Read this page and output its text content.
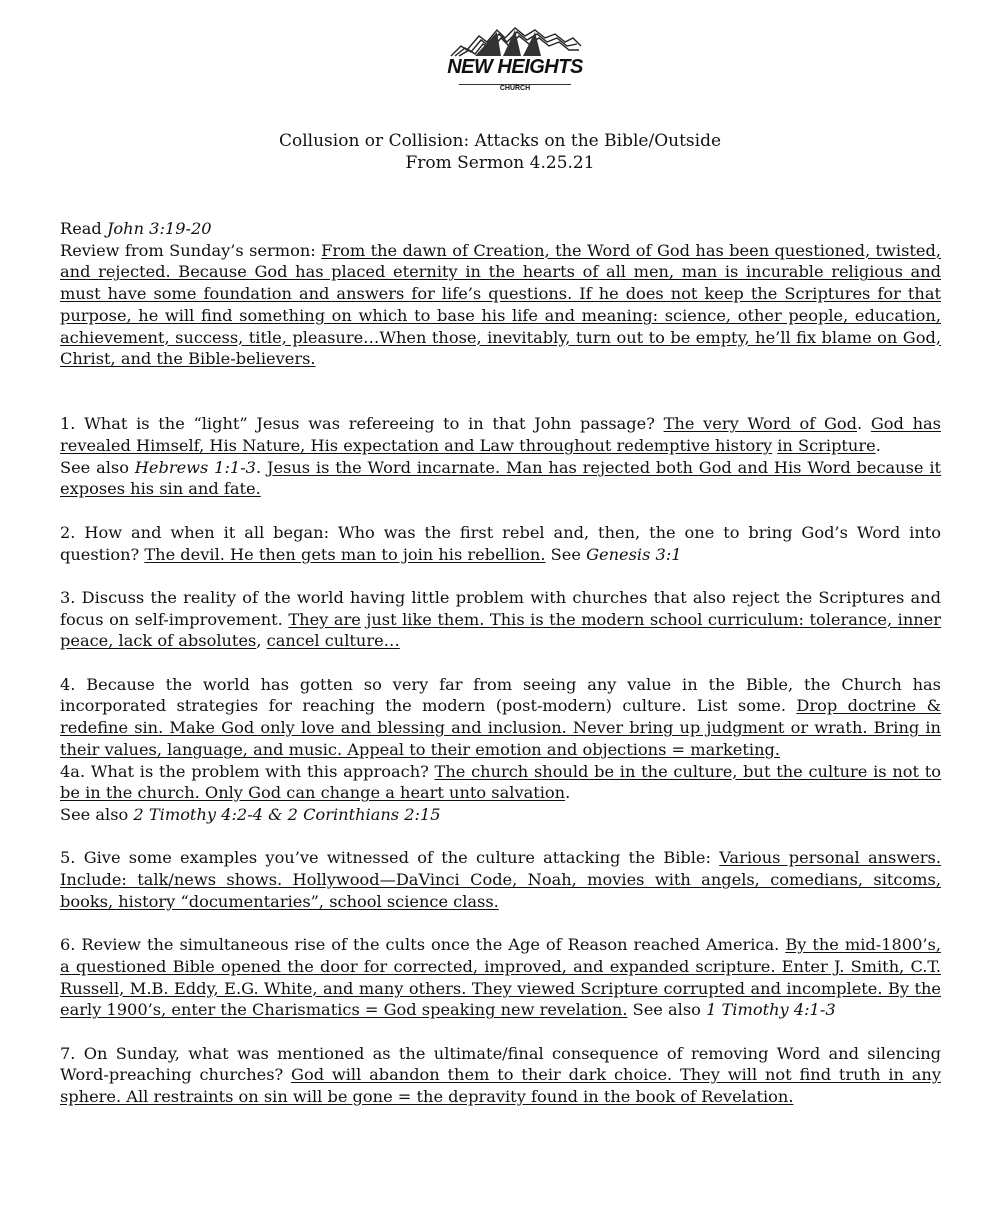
NEW HEIGHTS
CHURCH
Collusion or Collision: Attacks on the Bible/Outside
From Sermon 4.25.21

Read John 3:19-20

Review from Sunday’s sermon: From the dawn of Creation, the Word of God has been questioned, twisted, and rejected. Because God has placed eternity in the hearts of all men, man is incurable religious and must have some foundation and answers for life’s questions. If he does not keep the Scriptures for that purpose, he will find something on which to base his life and meaning: science, other people, education, achievement, success, title, pleasure…When those, inevitably, turn out to be empty, he’ll fix blame on God, Christ, and the Bible-believers.

1. What is the “light” Jesus was refereeing to in that John passage? The very Word of God. God has revealed Himself, His Nature, His expectation and Law throughout redemptive history in Scripture.

See also Hebrews 1:1-3. Jesus is the Word incarnate. Man has rejected both God and His Word because it exposes his sin and fate.

2. How and when it all began: Who was the first rebel and, then, the one to bring God’s Word into question? The devil. He then gets man to join his rebellion. See Genesis 3:1

3. Discuss the reality of the world having little problem with churches that also reject the Scriptures and focus on self-improvement. They are just like them. This is the modern school curriculum: tolerance, inner peace, lack of absolutes, cancel culture…

4. Because the world has gotten so very far from seeing any value in the Bible, the Church has incorporated strategies for reaching the modern (post-modern) culture. List some. Drop doctrine & redefine sin. Make God only love and blessing and inclusion. Never bring up judgment or wrath. Bring in their values, language, and music. Appeal to their emotion and objections = marketing.

4a. What is the problem with this approach? The church should be in the culture, but the culture is not to be in the church. Only God can change a heart unto salvation.

See also 2 Timothy 4:2-4 & 2 Corinthians 2:15

5. Give some examples you’ve witnessed of the culture attacking the Bible: Various personal answers. Include: talk/news shows. Hollywood—DaVinci Code, Noah, movies with angels, comedians, sitcoms, books, history “documentaries”, school science class.

6. Review the simultaneous rise of the cults once the Age of Reason reached America. By the mid-1800’s, a questioned Bible opened the door for corrected, improved, and expanded scripture. Enter J. Smith, C.T. Russell, M.B. Eddy, E.G. White, and many others. They viewed Scripture corrupted and incomplete. By the early 1900’s, enter the Charismatics = God speaking new revelation. See also 1 Timothy 4:1-3

7. On Sunday, what was mentioned as the ultimate/final consequence of removing Word and silencing Word-preaching churches? God will abandon them to their dark choice. They will not find truth in any sphere. All restraints on sin will be gone = the depravity found in the book of Revelation.
